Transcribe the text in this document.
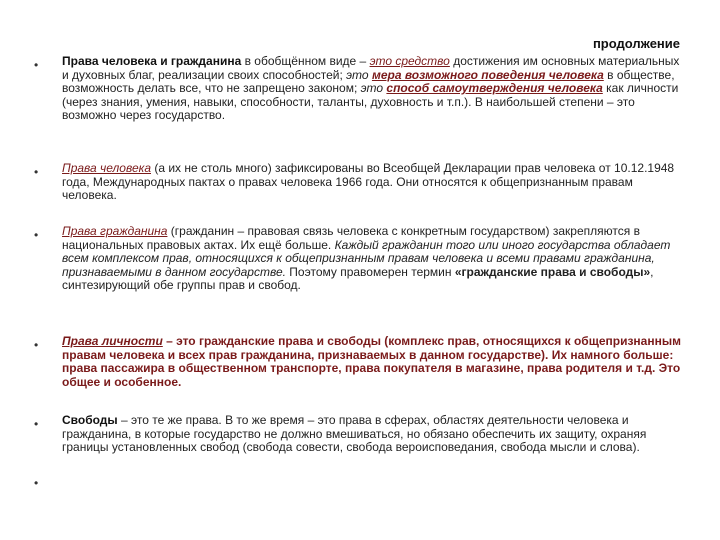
продолжение
• Права человека и гражданина в обобщённом виде – это средство достижения им основных материальных и духовных благ, реализации своих способностей; это мера возможного поведения человека в обществе, возможность делать все, что не запрещено законом; это способ самоутверждения человека как личности (через знания, умения, навыки, способности, таланты, духовность и т.п.). В наибольшей степени – это возможно через государство.
• Права человека (а их не столь много) зафиксированы во Всеобщей Декларации прав человека от 10.12.1948 года, Международных пактах о правах человека 1966 года. Они относятся к общепризнанным правам человека.
• Права гражданина (гражданин – правовая связь человека с конкретным государством) закрепляются в национальных правовых актах. Их ещё больше. Каждый гражданин того или иного государства обладает всем комплексом прав, относящихся к общепризнанным правам человека и всеми правами гражданина, признаваемыми в данном государстве. Поэтому правомерен термин «гражданские права и свободы», синтезирующий обе группы прав и свобод.
• Права личности – это гражданские права и свободы (комплекс прав, относящихся к общепризнанным правам человека и всех прав гражданина, признаваемых в данном государстве). Их намного больше: права пассажира в общественном транспорте, права покупателя в магазине, права родителя и т.д. Это общее и особенное.
• Свободы – это те же права. В то же время – это права в сферах, областях деятельности человека и гражданина, в которые государство не должно вмешиваться, но обязано обеспечить их защиту, охраняя границы установленных свобод (свобода совести, свобода вероисповедания, свобода мысли и слова).
•
